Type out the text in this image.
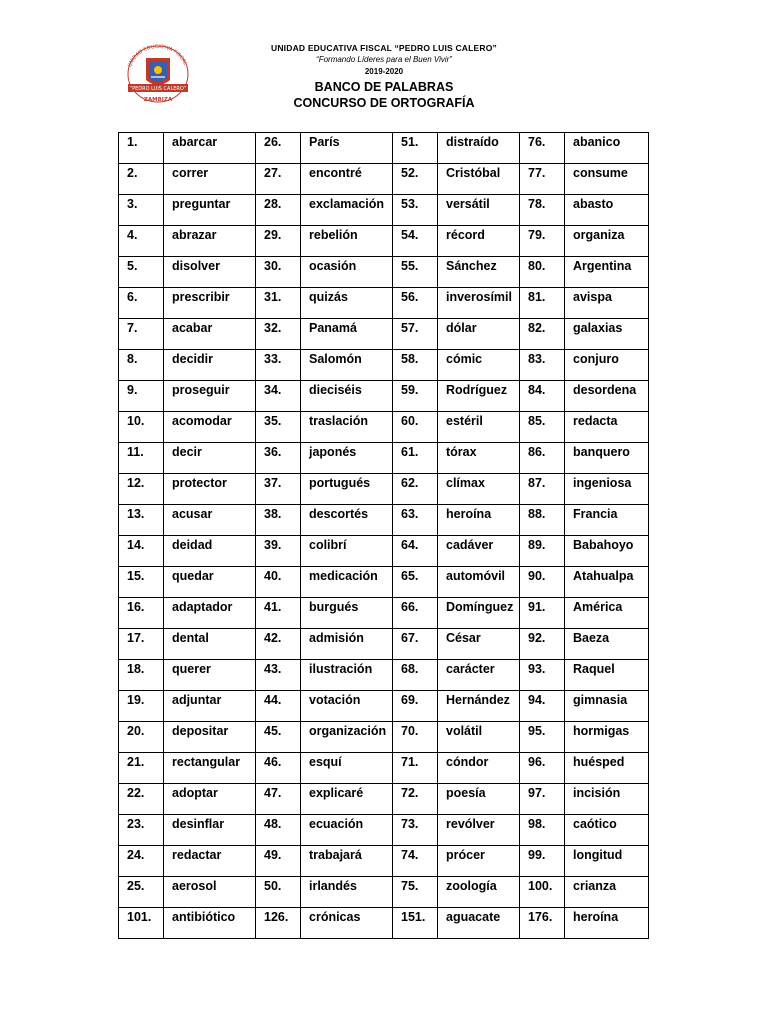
UNIDAD EDUCATIVA FISCAL
“PEDRO LUIS CALERO”
ZAMBIZA
UNIDAD EDUCATIVA FISCAL “PEDRO LUIS CALERO”
“Formando Líderes para el Buen Vivir”
2019-2020
BANCO DE PALABRAS
CONCURSO DE ORTOGRAFÍA
1.	abarcar	26.	París	51.	distraído	76.	abanico
2.	correr	27.	encontré	52.	Cristóbal	77.	consume
3.	preguntar	28.	exclamación	53.	versátil	78.	abasto
4.	abrazar	29.	rebelión	54.	récord	79.	organiza
5.	disolver	30.	ocasión	55.	Sánchez	80.	Argentina
6.	prescribir	31.	quizás	56.	inverosímil	81.	avispa
7.	acabar	32.	Panamá	57.	dólar	82.	galaxias
8.	decidir	33.	Salomón	58.	cómic	83.	conjuro
9.	proseguir	34.	dieciséis	59.	Rodríguez	84.	desordena
10.	acomodar	35.	traslación	60.	estéril	85.	redacta
11.	decir	36.	japonés	61.	tórax	86.	banquero
12.	protector	37.	portugués	62.	clímax	87.	ingeniosa
13.	acusar	38.	descortés	63.	heroína	88.	Francia
14.	deidad	39.	colibrí	64.	cadáver	89.	Babahoyo
15.	quedar	40.	medicación	65.	automóvil	90.	Atahualpa
16.	adaptador	41.	burgués	66.	Domínguez	91.	América
17.	dental	42.	admisión	67.	César	92.	Baeza
18.	querer	43.	ilustración	68.	carácter	93.	Raquel
19.	adjuntar	44.	votación	69.	Hernández	94.	gimnasia
20.	depositar	45.	organización	70.	volátil	95.	hormigas
21.	rectangular	46.	esquí	71.	cóndor	96.	huésped
22.	adoptar	47.	explicaré	72.	poesía	97.	incisión
23.	desinflar	48.	ecuación	73.	revólver	98.	caótico
24.	redactar	49.	trabajará	74.	prócer	99.	longitud
25.	aerosol	50.	irlandés	75.	zoología	100.	crianza
101.	antibiótico	126.	crónicas	151.	aguacate	176.	heroína
